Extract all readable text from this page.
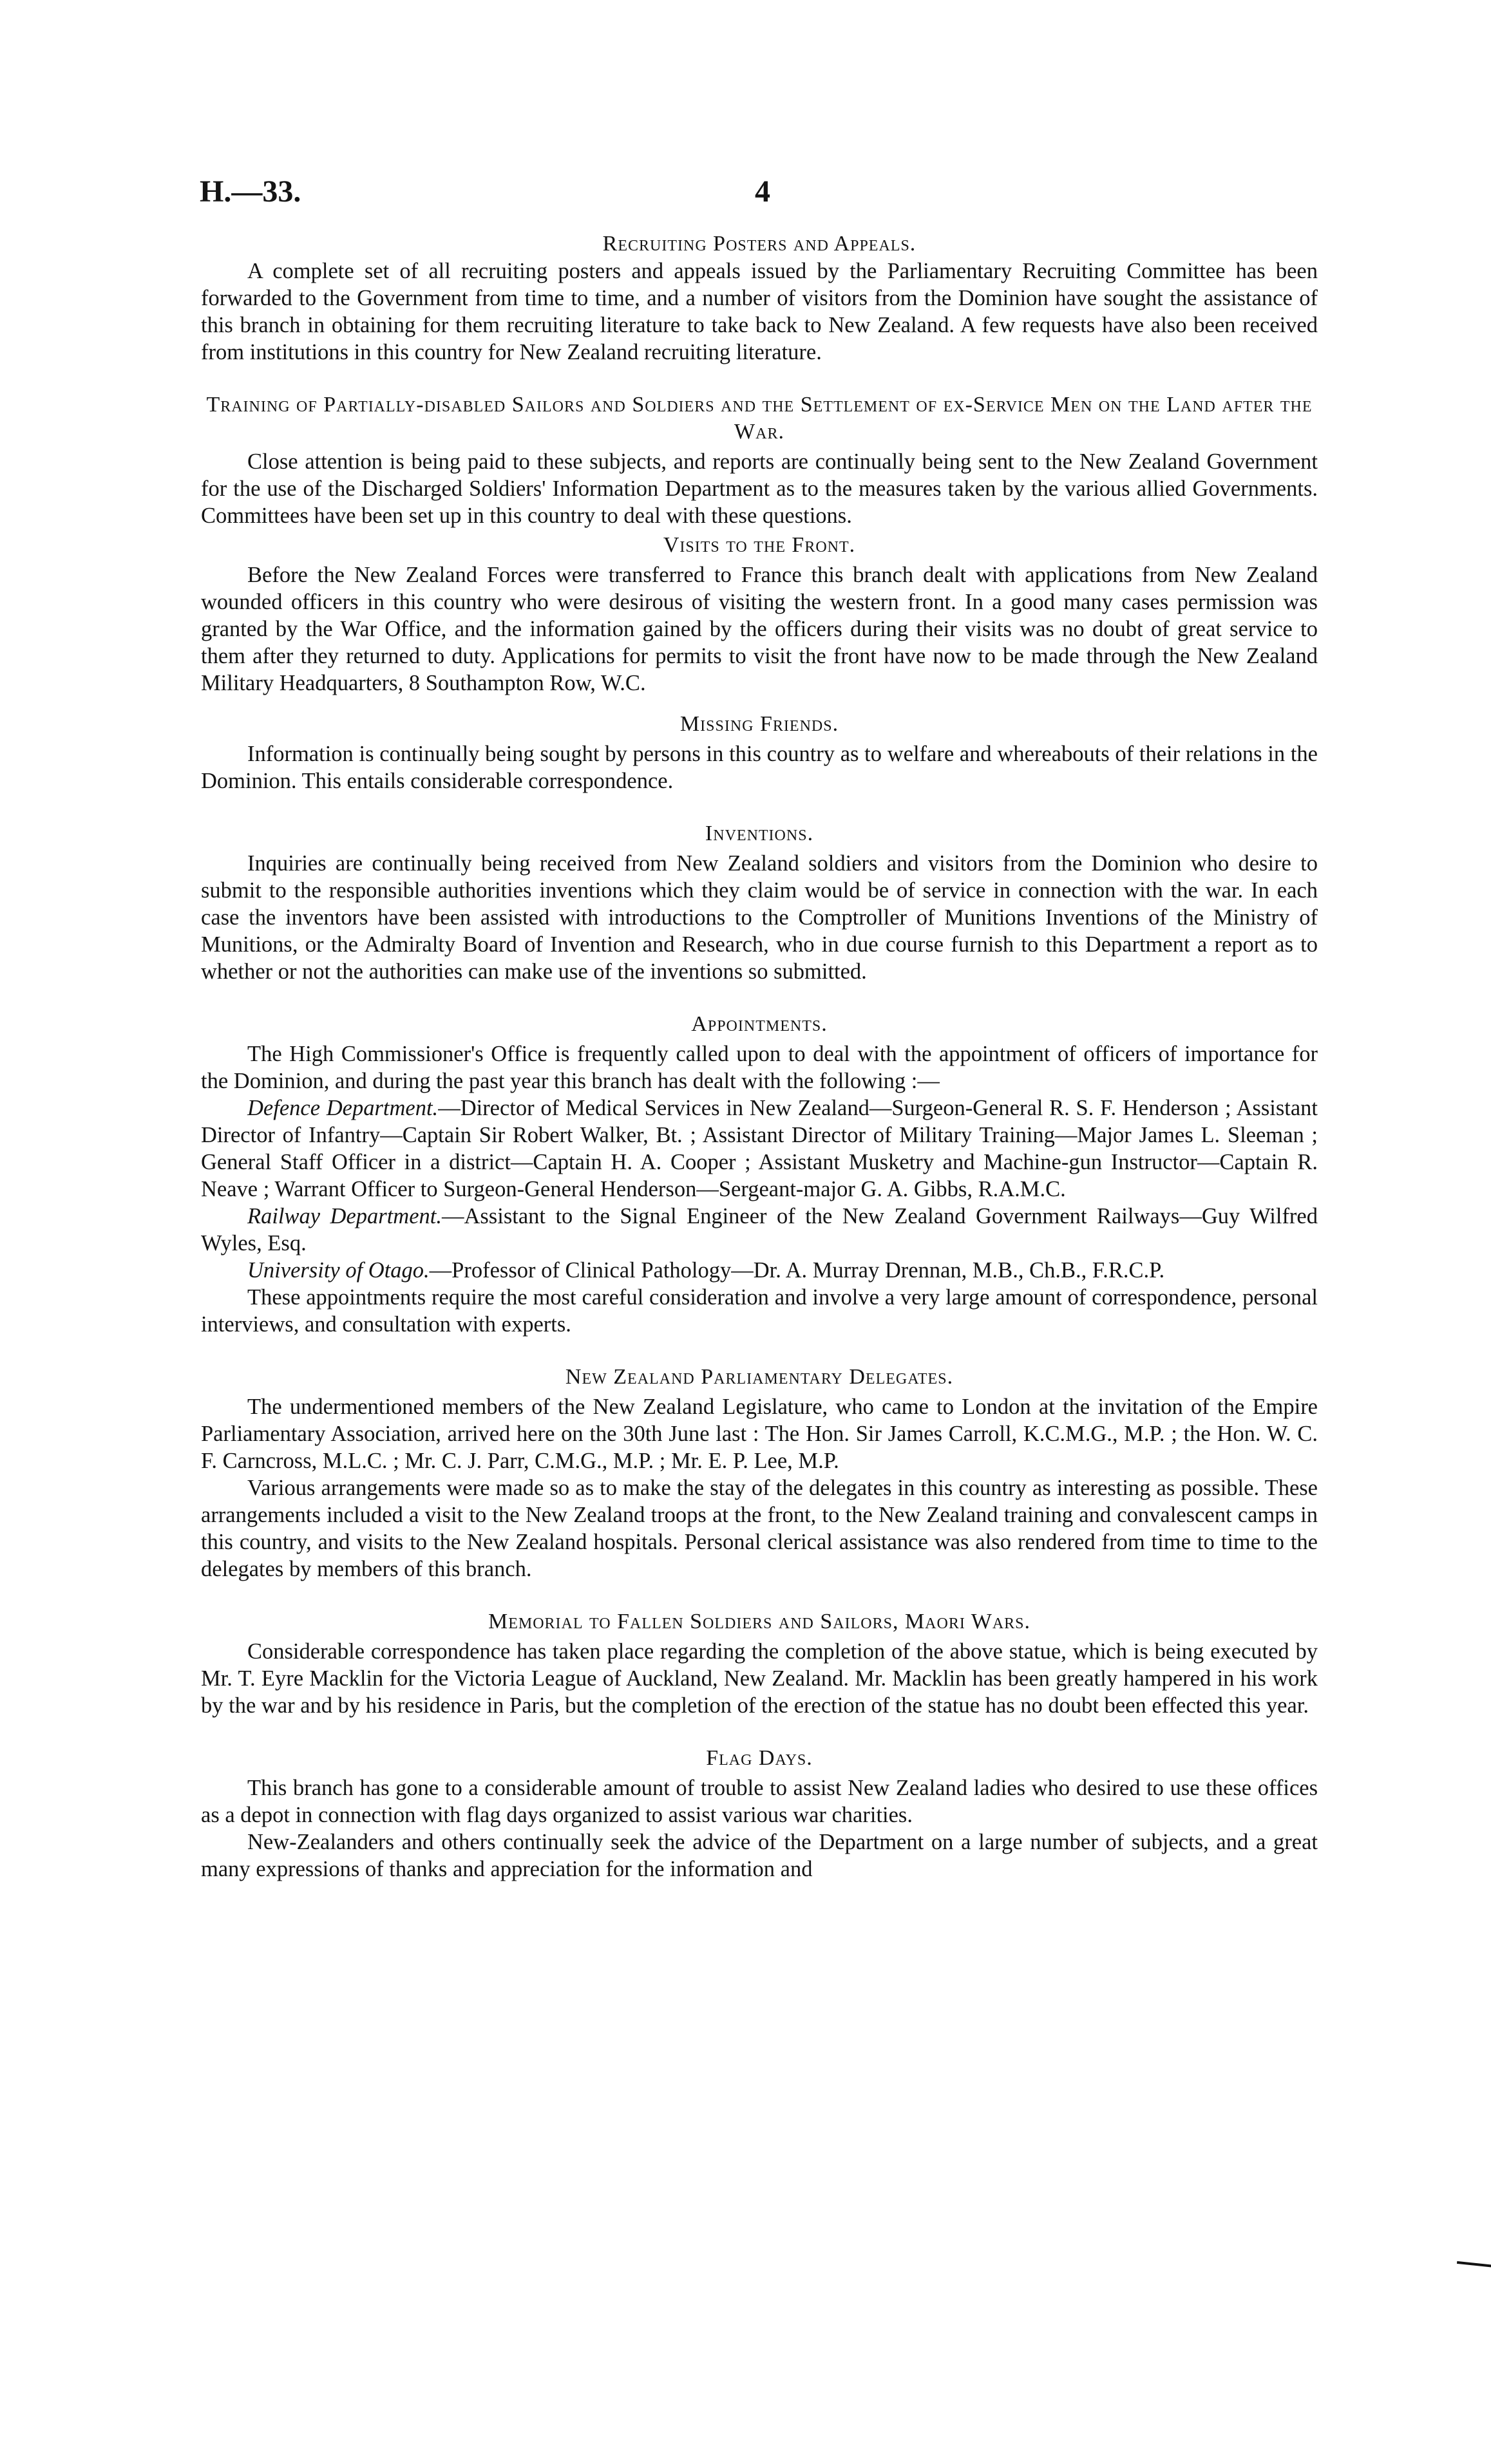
H.—33.	4
Recruiting Posters and Appeals.

A complete set of all recruiting posters and appeals issued by the Parliamentary Recruiting Committee has been forwarded to the Government from time to time, and a number of visitors from the Dominion have sought the assistance of this branch in obtaining for them recruiting literature to take back to New Zealand. A few requests have also been received from institutions in this country for New Zealand recruiting literature.

Training of Partially-disabled Sailors and Soldiers and the Settlement of ex-Service Men on the Land after the War.

Close attention is being paid to these subjects, and reports are continually being sent to the New Zealand Government for the use of the Discharged Soldiers' Information Department as to the measures taken by the various allied Governments. Committees have been set up in this country to deal with these questions.

Visits to the Front.

Before the New Zealand Forces were transferred to France this branch dealt with applications from New Zealand wounded officers in this country who were desirous of visiting the western front. In a good many cases permission was granted by the War Office, and the information gained by the officers during their visits was no doubt of great service to them after they returned to duty. Applications for permits to visit the front have now to be made through the New Zealand Military Headquarters, 8 Southampton Row, W.C.

Missing Friends.

Information is continually being sought by persons in this country as to welfare and whereabouts of their relations in the Dominion. This entails considerable correspondence.

Inventions.

Inquiries are continually being received from New Zealand soldiers and visitors from the Dominion who desire to submit to the responsible authorities inventions which they claim would be of service in connection with the war. In each case the inventors have been assisted with introductions to the Comptroller of Munitions Inventions of the Ministry of Munitions, or the Admiralty Board of Invention and Research, who in due course furnish to this Department a report as to whether or not the authorities can make use of the inventions so submitted.

Appointments.

The High Commissioner's Office is frequently called upon to deal with the appointment of officers of importance for the Dominion, and during the past year this branch has dealt with the following :—

Defence Department.—Director of Medical Services in New Zealand—Surgeon-General R. S. F. Henderson ; Assistant Director of Infantry—Captain Sir Robert Walker, Bt. ; Assistant Director of Military Training—Major James L. Sleeman ; General Staff Officer in a district—Captain H. A. Cooper ; Assistant Musketry and Machine-gun Instructor—Captain R. Neave ; Warrant Officer to Surgeon-General Henderson—Sergeant-major G. A. Gibbs, R.A.M.C.

Railway Department.—Assistant to the Signal Engineer of the New Zealand Government Railways—Guy Wilfred Wyles, Esq.

University of Otago.—Professor of Clinical Pathology—Dr. A. Murray Drennan, M.B., Ch.B., F.R.C.P.

These appointments require the most careful consideration and involve a very large amount of correspondence, personal interviews, and consultation with experts.

New Zealand Parliamentary Delegates.

The undermentioned members of the New Zealand Legislature, who came to London at the invitation of the Empire Parliamentary Association, arrived here on the 30th June last : The Hon. Sir James Carroll, K.C.M.G., M.P. ; the Hon. W. C. F. Carncross, M.L.C. ; Mr. C. J. Parr, C.M.G., M.P. ; Mr. E. P. Lee, M.P.

Various arrangements were made so as to make the stay of the delegates in this country as interesting as possible. These arrangements included a visit to the New Zealand troops at the front, to the New Zealand training and convalescent camps in this country, and visits to the New Zealand hospitals. Personal clerical assistance was also rendered from time to time to the delegates by members of this branch.

Memorial to Fallen Soldiers and Sailors, Maori Wars.

Considerable correspondence has taken place regarding the completion of the above statue, which is being executed by Mr. T. Eyre Macklin for the Victoria League of Auckland, New Zealand. Mr. Macklin has been greatly hampered in his work by the war and by his residence in Paris, but the completion of the erection of the statue has no doubt been effected this year.

Flag Days.

This branch has gone to a considerable amount of trouble to assist New Zealand ladies who desired to use these offices as a depot in connection with flag days organized to assist various war charities.

New-Zealanders and others continually seek the advice of the Department on a large number of subjects, and a great many expressions of thanks and appreciation for the information and
